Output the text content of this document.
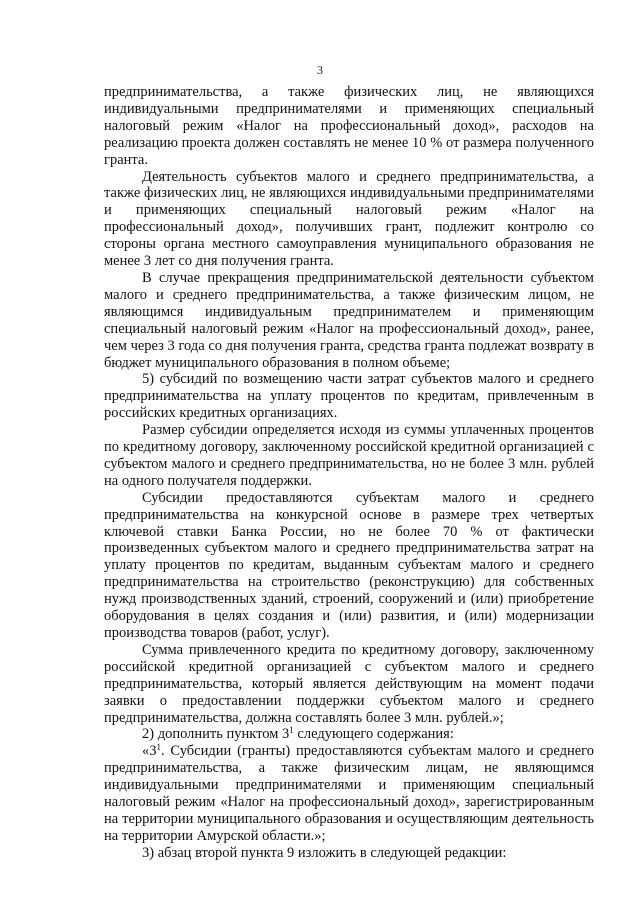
3

предпринимательства, а также физических лиц, не являющихся индивидуальными предпринимателями и применяющих специальный налоговый режим «Налог на профессиональный доход», расходов на реализацию проекта должен составлять не менее 10 % от размера полученного гранта.

Деятельность субъектов малого и среднего предпринимательства, а также физических лиц, не являющихся индивидуальными предпринимателями и применяющих специальный налоговый режим «Налог на профессиональный доход», получивших грант, подлежит контролю со стороны органа местного самоуправления муниципального образования не менее 3 лет со дня получения гранта.

В случае прекращения предпринимательской деятельности субъектом малого и среднего предпринимательства, а также физическим лицом, не являющимся индивидуальным предпринимателем и применяющим специальный налоговый режим «Налог на профессиональный доход», ранее, чем через 3 года со дня получения гранта, средства гранта подлежат возврату в бюджет муниципального образования в полном объеме;

5) субсидий по возмещению части затрат субъектов малого и среднего предпринимательства на уплату процентов по кредитам, привлеченным в российских кредитных организациях.

Размер субсидии определяется исходя из суммы уплаченных процентов по кредитному договору, заключенному российской кредитной организацией с субъектом малого и среднего предпринимательства, но не более 3 млн. рублей на одного получателя поддержки.

Субсидии предоставляются субъектам малого и среднего предпринимательства на конкурсной основе в размере трех четвертых ключевой ставки Банка России, но не более 70 % от фактически произведенных субъектом малого и среднего предпринимательства затрат на уплату процентов по кредитам, выданным субъектам малого и среднего предпринимательства на строительство (реконструкцию) для собственных нужд производственных зданий, строений, сооружений и (или) приобретение оборудования в целях создания и (или) развития, и (или) модернизации производства товаров (работ, услуг).

Сумма привлеченного кредита по кредитному договору, заключенному российской кредитной организацией с субъектом малого и среднего предпринимательства, который является действующим на момент подачи заявки о предоставлении поддержки субъектом малого и среднего предпринимательства, должна составлять более 3 млн. рублей.»;

2) дополнить пунктом $3^1$ следующего содержания:

«$3^1$. Субсидии (гранты) предоставляются субъектам малого и среднего предпринимательства, а также физическим лицам, не являющимся индивидуальными предпринимателями и применяющим специальный налоговый режим «Налог на профессиональный доход», зарегистрированным на территории муниципального образования и осуществляющим деятельность на территории Амурской области.»;

3) абзац второй пункта 9 изложить в следующей редакции:
